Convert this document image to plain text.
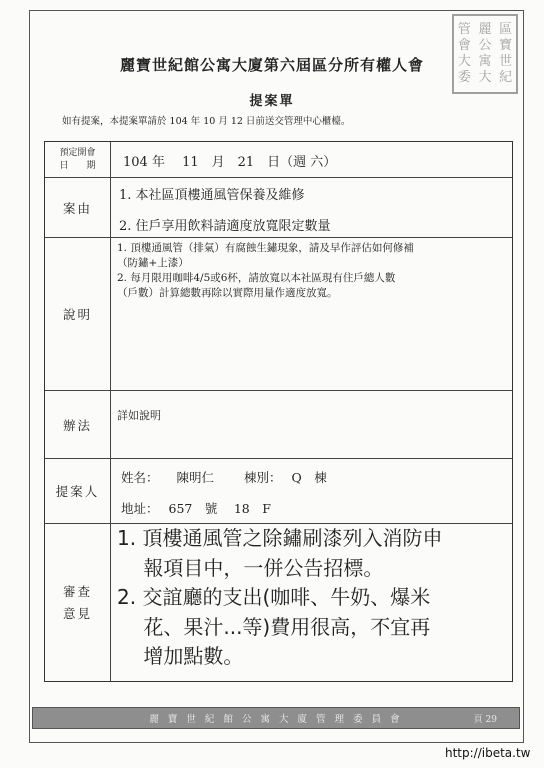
管 麗 區
會 公 寶
大 寓 世
委 大 紀
麗寶世紀館公寓大廈第六屆區分所有權人會
提案單
如有提案，本提案單請於 104 年 10 月 12 日前送交管理中心櫃檯。
預定開會
日　　期 104 年　 11　月　21　日（週 六）
案由
1. 本社區頂樓通風管保養及維修
2. 住戶享用飲料請適度放寬限定數量
說明
1. 頂樓通風管（排氣）有腐蝕生鏽現象，請及早作評估如何修補
（防鏽+上漆）
2. 每月限用咖啡4/5或6杯，請放寬以本社區現有住戶總人數
（戶數）計算總數再除以實際用量作適度放寬。
辦法
詳如說明
提案人
姓名： 陳明仁 棟別： Q　棟
地址： 657　號　 18　F
審查
意見
1. 頂樓通風管之除鏽刷漆列入消防申
　 報項目中，一併公告招標。
2. 交誼廳的支出(咖啡、牛奶、爆米
　 花、果汁...等)費用很高，不宜再
　 增加點數。
麗 寶 世 紀 館 公 寓 大 廈 管 理 委 員 會	頁 29
http://ibeta.tw
